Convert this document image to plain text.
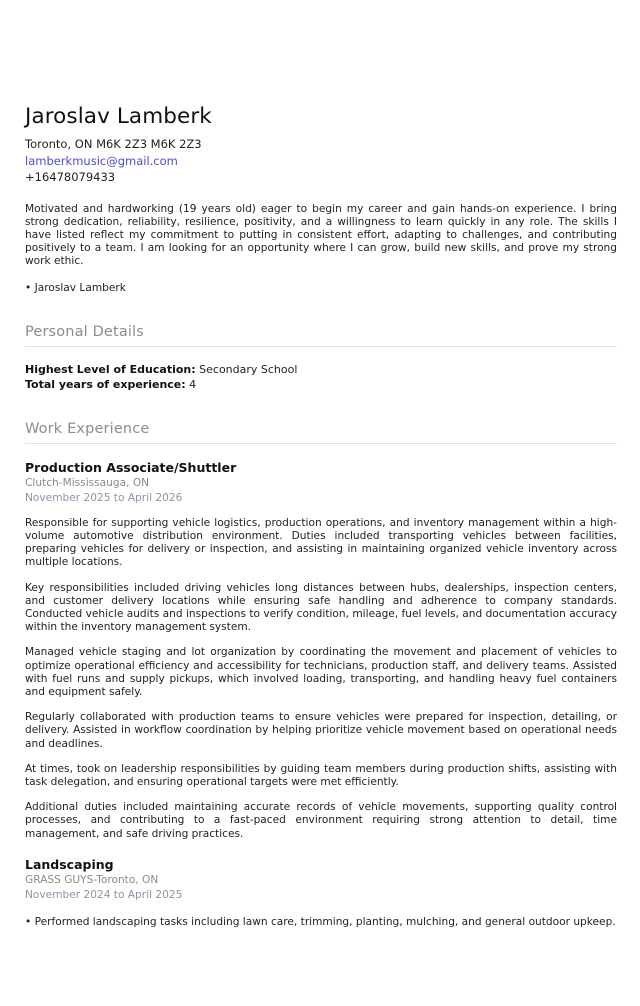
Jaroslav Lamberk
Toronto, ON M6K 2Z3 M6K 2Z3
lamberkmusic@gmail.com
+16478079433

Motivated and hardworking (19 years old) eager to begin my career and gain hands-on experience. I bring strong dedication, reliability, resilience, positivity, and a willingness to learn quickly in any role. The skills I have listed reflect my commitment to putting in consistent effort, adapting to challenges, and contributing positively to a team. I am looking for an opportunity where I can grow, build new skills, and prove my strong work ethic.

• Jaroslav Lamberk

Personal Details
Highest Level of Education: Secondary School
Total years of experience: 4
Work Experience
Production Associate/Shuttler
Clutch-Mississauga, ON
November 2025 to April 2026

Responsible for supporting vehicle logistics, production operations, and inventory management within a high-volume automotive distribution environment. Duties included transporting vehicles between facilities, preparing vehicles for delivery or inspection, and assisting in maintaining organized vehicle inventory across multiple locations.

Key responsibilities included driving vehicles long distances between hubs, dealerships, inspection centers, and customer delivery locations while ensuring safe handling and adherence to company standards. Conducted vehicle audits and inspections to verify condition, mileage, fuel levels, and documentation accuracy within the inventory management system.

Managed vehicle staging and lot organization by coordinating the movement and placement of vehicles to optimize operational efficiency and accessibility for technicians, production staff, and delivery teams. Assisted with fuel runs and supply pickups, which involved loading, transporting, and handling heavy fuel containers and equipment safely.

Regularly collaborated with production teams to ensure vehicles were prepared for inspection, detailing, or delivery. Assisted in workflow coordination by helping prioritize vehicle movement based on operational needs and deadlines.

At times, took on leadership responsibilities by guiding team members during production shifts, assisting with task delegation, and ensuring operational targets were met efficiently.

Additional duties included maintaining accurate records of vehicle movements, supporting quality control processes, and contributing to a fast-paced environment requiring strong attention to detail, time management, and safe driving practices.

Landscaping
GRASS GUYS-Toronto, ON
November 2024 to April 2025

• Performed landscaping tasks including lawn care, trimming, planting, mulching, and general outdoor upkeep.
